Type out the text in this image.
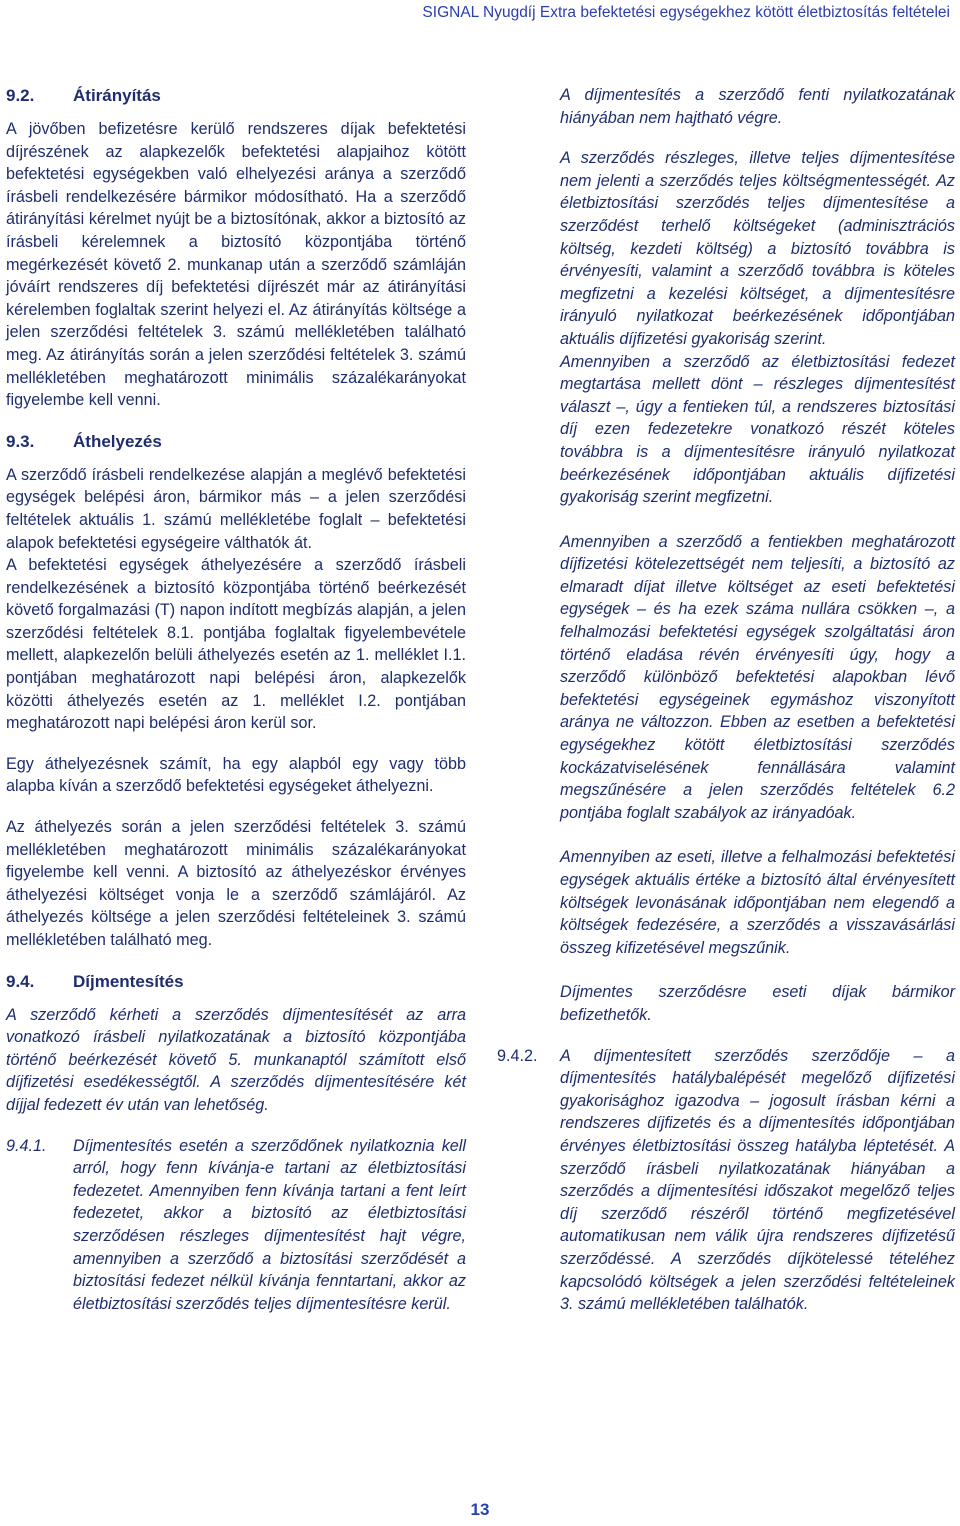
SIGNAL Nyugdíj Extra befektetési egységekhez kötött életbiztosítás feltételei
9.2.	Átirányítás

A jövőben befizetésre kerülő rendszeres díjak befektetési díjrészének az alapkezelők befektetési alapjaihoz kötött befektetési egységekben való elhelyezési aránya a szerződő írásbeli rendelkezésére bármikor módosítható. Ha a szerződő átirányítási kérelmet nyújt be a biztosítónak, akkor a biztosító az írásbeli kérelemnek a biztosító központjába történő megérkezését követő 2. munkanap után a szerződő számláján jóváírt rendszeres díj befektetési díjrészét már az átirányítási kérelemben foglaltak szerint helyezi el. Az átirányítás költsége a jelen szerződési feltételek 3. számú mellékletében található meg. Az átirányítás során a jelen szerződési feltételek 3. számú mellékletében meghatározott minimális százalékarányokat figyelembe kell venni.

9.3.	Áthelyezés

A szerződő írásbeli rendelkezése alapján a meglévő befektetési egységek belépési áron, bármikor más – a jelen szerződési feltételek aktuális 1. számú mellékletébe foglalt – befektetési alapok befektetési egységeire válthatók át.

A befektetési egységek áthelyezésére a szerződő írásbeli rendelkezésének a biztosító központjába történő beérkezését követő forgalmazási (T) napon indított megbízás alapján, a jelen szerződési feltételek 8.1. pontjába foglaltak figyelembevétele mellett, alapkezelőn belüli áthelyezés esetén az 1. melléklet I.1. pontjában meghatározott napi belépési áron, alapkezelők közötti áthelyezés esetén az 1. melléklet I.2. pontjában meghatározott napi belépési áron kerül sor.

Egy áthelyezésnek számít, ha egy alapból egy vagy több alapba kíván a szerződő befektetési egységeket áthelyezni.

Az áthelyezés során a jelen szerződési feltételek 3. számú mellékletében meghatározott minimális százalékarányokat figyelembe kell venni. A biztosító az áthelyezéskor érvényes áthelyezési költséget vonja le a szerződő számlájáról. Az áthelyezés költsége a jelen szerződési feltételeinek 3. számú mellékletében található meg.

9.4.	Díjmentesítés

A szerződő kérheti a szerződés díjmentesítését az arra vonatkozó írásbeli nyilatkozatának a biztosító központjába történő beérkezését követő 5. munkanaptól számított első díjfizetési esedékességtől. A szerződés díjmentesítésére két díjjal fedezett év után van lehetőség.

9.4.1.	Díjmentesítés esetén a szerződőnek nyilatkoznia kell arról, hogy fenn kívánja-e tartani az életbiztosítási fedezetet. Amennyiben fenn kívánja tartani a fent leírt fedezetet, akkor a biztosító az életbiztosítási szerződésen részleges díjmentesítést hajt végre, amennyiben a szerződő a biztosítási szerződését a biztosítási fedezet nélkül kívánja fenntartani, akkor az életbiztosítási szerződés teljes díjmentesítésre kerül.

A díjmentesítés a szerződő fenti nyilatkozatának hiányában nem hajtható végre.

A szerződés részleges, illetve teljes díjmentesítése nem jelenti a szerződés teljes költségmentességét. Az életbiztosítási szerződés teljes díjmentesítése a szerződést terhelő költségeket (adminisztrációs költség, kezdeti költség) a biztosító továbbra is érvényesíti, valamint a szerződő továbbra is köteles megfizetni a kezelési költséget, a díjmentesítésre irányuló nyilatkozat beérkezésének időpontjában aktuális díjfizetési gyakoriság szerint.

Amennyiben a szerződő az életbiztosítási fedezet megtartása mellett dönt – részleges díjmentesítést választ –, úgy a fentieken túl, a rendszeres biztosítási díj ezen fedezetekre vonatkozó részét köteles továbbra is a díjmentesítésre irányuló nyilatkozat beérkezésének időpontjában aktuális díjfizetési gyakoriság szerint megfizetni.

Amennyiben a szerződő a fentiekben meghatározott díjfizetési kötelezettségét nem teljesíti, a biztosító az elmaradt díjat illetve költséget az eseti befektetési egységek – és ha ezek száma nullára csökken –, a felhalmozási befektetési egységek szolgáltatási áron történő eladása révén érvényesíti úgy, hogy a szerződő különböző befektetési alapokban lévő befektetési egységeinek egymáshoz viszonyított aránya ne változzon. Ebben az esetben a befektetési egységekhez kötött életbiztosítási szerződés kockázatviselésének fennállására valamint megszűnésére a jelen szerződés feltételek 6.2 pontjába foglalt szabályok az irányadóak.

Amennyiben az eseti, illetve a felhalmozási befektetési egységek aktuális értéke a biztosító által érvényesített költségek levonásának időpontjában nem elegendő a költségek fedezésére, a szerződés a visszavásárlási összeg kifizetésével megszűnik.

Díjmentes szerződésre eseti díjak bármikor befizethetők.

9.4.2.	A díjmentesített szerződés szerződője – a díjmentesítés hatálybalépését megelőző díjfizetési gyakorisághoz igazodva – jogosult írásban kérni a rendszeres díjfizetés és a díjmentesítés időpontjában érvényes életbiztosítási összeg hatályba léptetését. A szerződő írásbeli nyilatkozatának hiányában a szerződés a díjmentesítési időszakot megelőző teljes díj szerződő részéről történő megfizetésével automatikusan nem válik újra rendszeres díjfizetésű szerződéssé. A szerződés díjkötelessé tételéhez kapcsolódó költségek a jelen szerződési feltételeinek 3. számú mellékletében találhatók.

13
